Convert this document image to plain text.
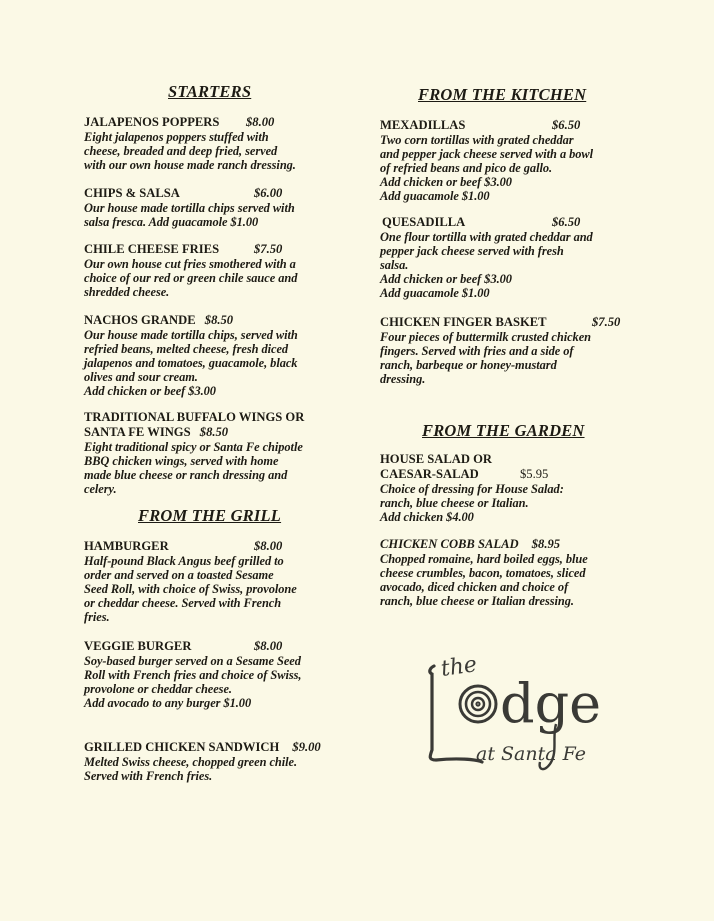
STARTERS
JALAPENOS POPPERS $8.00
Eight jalapenos poppers stuffed with
cheese, breaded and deep fried, served
with our own house made ranch dressing.
CHIPS & SALSA	$6.00
Our house made tortilla chips served with
salsa fresca. Add guacamole $1.00
CHILE CHEESE FRIES	$7.50
Our own house cut fries smothered with a
choice of our red or green chile sauce and
shredded cheese.
NACHOS GRANDE $8.50
Our house made tortilla chips, served with
refried beans, melted cheese, fresh diced
jalapenos and tomatoes, guacamole, black
olives and sour cream.
Add chicken or beef $3.00
TRADITIONAL BUFFALO WINGS OR
SANTA FE WINGS $8.50
Eight traditional spicy or Santa Fe chipotle
BBQ chicken wings, served with home
made blue cheese or ranch dressing and
celery.
FROM THE GRILL
HAMBURGER	$8.00
Half-pound Black Angus beef grilled to
order and served on a toasted Sesame
Seed Roll, with choice of Swiss, provolone
or cheddar cheese. Served with French
fries.
VEGGIE BURGER	$8.00
Soy-based burger served on a Sesame Seed
Roll with French fries and choice of Swiss,
provolone or cheddar cheese.
Add avocado to any burger $1.00
GRILLED CHICKEN SANDWICH $9.00
Melted Swiss cheese, chopped green chile.
Served with French fries.
FROM THE KITCHEN
MEXADILLAS	$6.50
Two corn tortillas with grated cheddar
and pepper jack cheese served with a bowl
of refried beans and pico de gallo.
Add chicken or beef $3.00
Add guacamole $1.00
QUESADILLA	$6.50
One flour tortilla with grated cheddar and
pepper jack cheese served with fresh
salsa.
Add chicken or beef $3.00
Add guacamole $1.00
CHICKEN FINGER BASKET	$7.50
Four pieces of buttermilk crusted chicken
fingers. Served with fries and a side of
ranch, barbeque or honey-mustard
dressing.
FROM THE GARDEN
HOUSE SALAD OR
CAESAR-SALAD	$5.95
Choice of dressing for House Salad:
ranch, blue cheese or Italian.
Add chicken $4.00
CHICKEN COBB SALAD $8.95
Chopped romaine, hard boiled eggs, blue
cheese crumbles, bacon, tomatoes, sliced
avocado, diced chicken and choice of
ranch, blue cheese or Italian dressing.
the
dge
at Santa Fe
